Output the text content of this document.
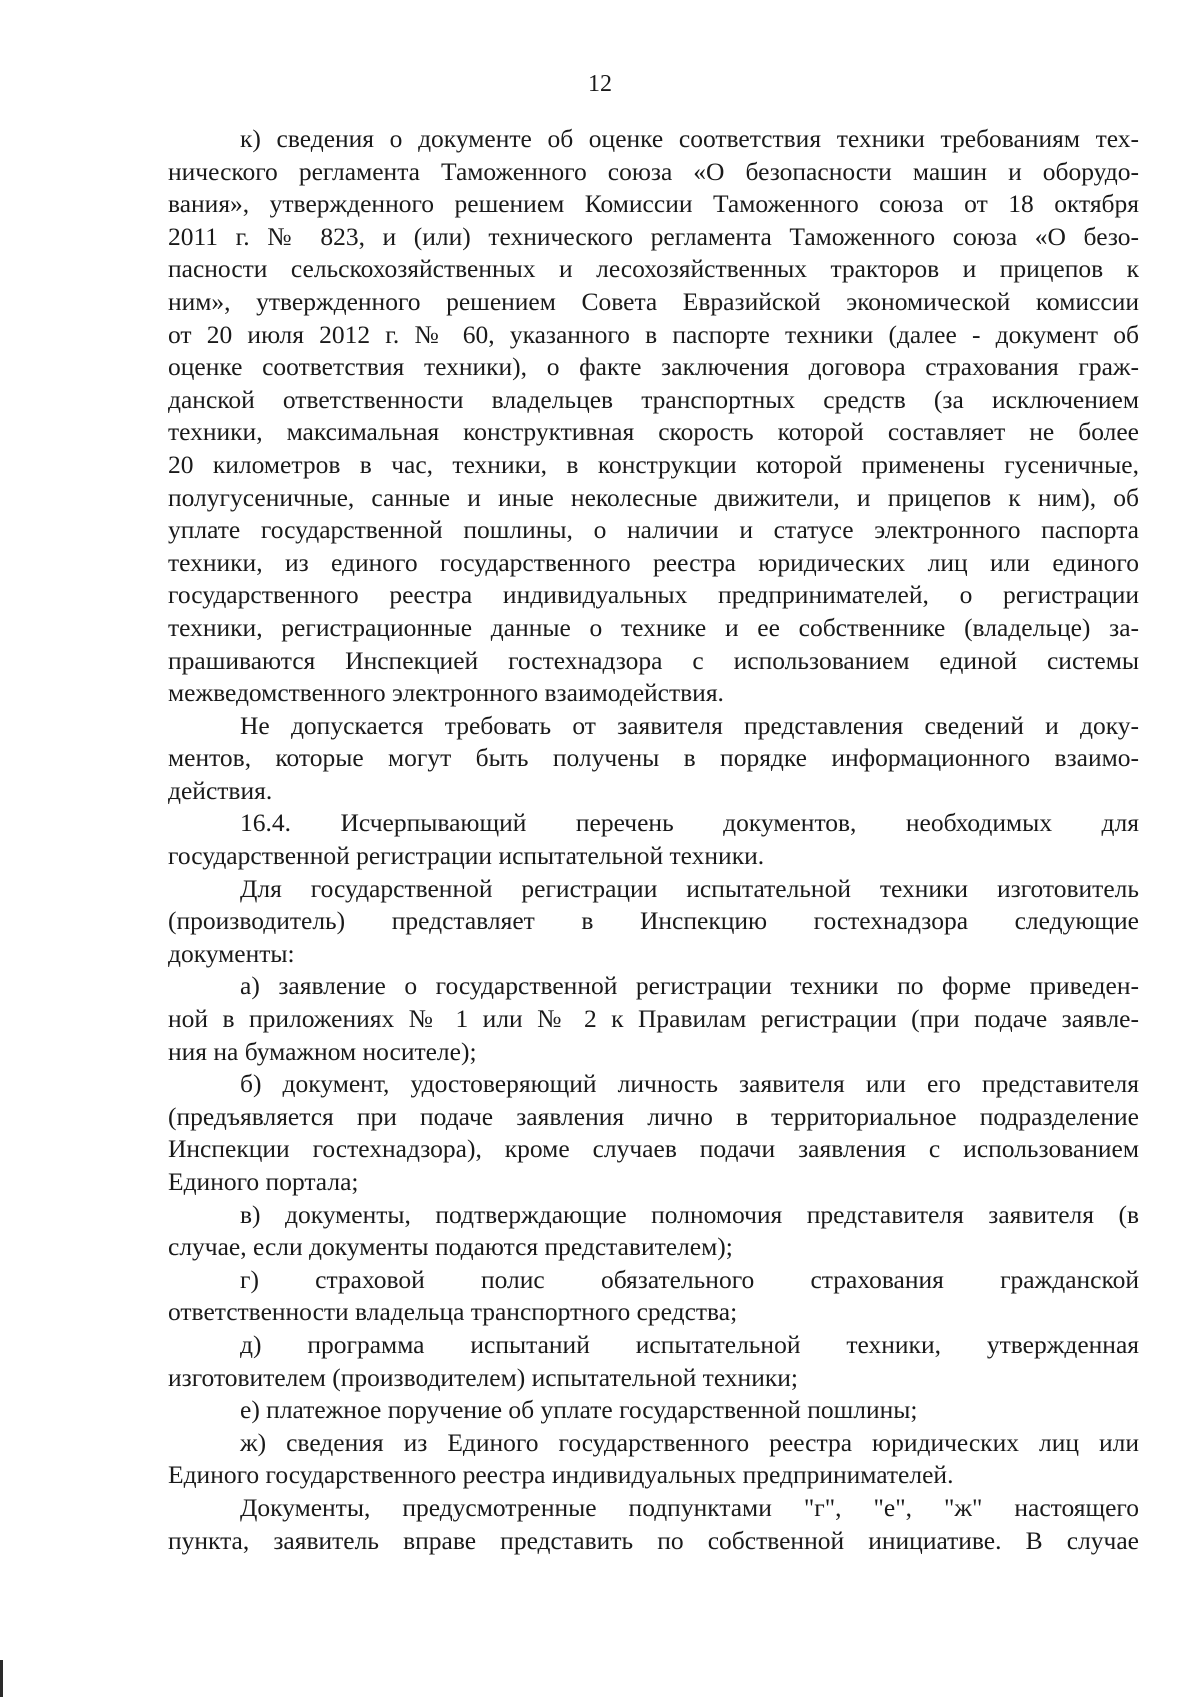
12
к) сведения о документе об оценке соответствия техники требованиям тех-
нического регламента Таможенного союза «О безопасности машин и оборудо-
вания», утвержденного решением Комиссии Таможенного союза от 18 октября
2011 г. № 823, и (или) технического регламента Таможенного союза «О безо-
пасности сельскохозяйственных и лесохозяйственных тракторов и прицепов к
ним», утвержденного решением Совета Евразийской экономической комиссии
от 20 июля 2012 г. № 60, указанного в паспорте техники (далее - документ об
оценке соответствия техники), о факте заключения договора страхования граж-
данской ответственности владельцев транспортных средств (за исключением
техники, максимальная конструктивная скорость которой составляет не более
20 километров в час, техники, в конструкции которой применены гусеничные,
полугусеничные, санные и иные неколесные движители, и прицепов к ним), об
уплате государственной пошлины, о наличии и статусе электронного паспорта
техники, из единого государственного реестра юридических лиц или единого
государственного реестра индивидуальных предпринимателей, о регистрации
техники, регистрационные данные о технике и ее собственнике (владельце) за-
прашиваются Инспекцией гостехнадзора с использованием единой системы
межведомственного электронного взаимодействия.
Не допускается требовать от заявителя представления сведений и доку-
ментов, которые могут быть получены в порядке информационного взаимо-
действия.
16.4. Исчерпывающий перечень документов, необходимых для
государственной регистрации испытательной техники.
Для государственной регистрации испытательной техники изготовитель
(производитель) представляет в Инспекцию гостехнадзора следующие
документы:
а) заявление о государственной регистрации техники по форме приведен-
ной в приложениях № 1 или № 2 к Правилам регистрации (при подаче заявле-
ния на бумажном носителе);
б) документ, удостоверяющий личность заявителя или его представителя
(предъявляется при подаче заявления лично в территориальное подразделение
Инспекции гостехнадзора), кроме случаев подачи заявления с использованием
Единого портала;
в) документы, подтверждающие полномочия представителя заявителя (в
случае, если документы подаются представителем);
г) страховой полис обязательного страхования гражданской
ответственности владельца транспортного средства;
д) программа испытаний испытательной техники, утвержденная
изготовителем (производителем) испытательной техники;
е) платежное поручение об уплате государственной пошлины;
ж) сведения из Единого государственного реестра юридических лиц или
Единого государственного реестра индивидуальных предпринимателей.
Документы, предусмотренные подпунктами "г", "е", "ж" настоящего
пункта, заявитель вправе представить по собственной инициативе. В случае
